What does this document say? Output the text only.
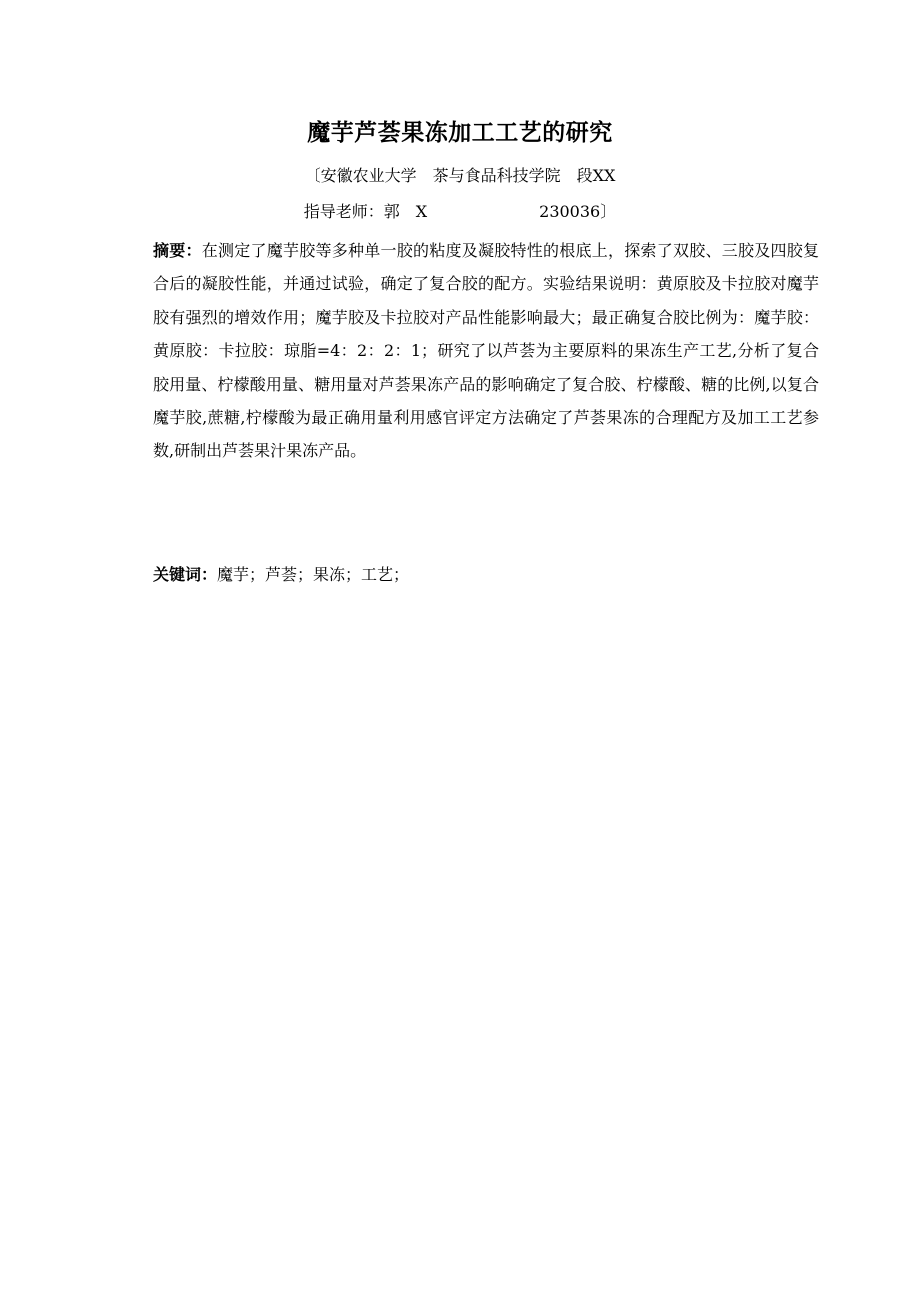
魔芋芦荟果冻加工工艺的研究
〔安徽农业大学　茶与食品科技学院　段XX
指导老师：郭　X　　　　　　　230036〕
摘要：在测定了魔芋胶等多种单一胶的粘度及凝胶特性的根底上，探索了双胶、三胶及四胶复合后的凝胶性能，并通过试验，确定了复合胶的配方。实验结果说明：黄原胶及卡拉胶对魔芋胶有强烈的增效作用；魔芋胶及卡拉胶对产品性能影响最大；最正确复合胶比例为：魔芋胶：黄原胶：卡拉胶：琼脂=4：2：2：1；研究了以芦荟为主要原料的果冻生产工艺,分析了复合胶用量、柠檬酸用量、糖用量对芦荟果冻产品的影响确定了复合胶、柠檬酸、糖的比例,以复合魔芋胶,蔗糖,柠檬酸为最正确用量利用感官评定方法确定了芦荟果冻的合理配方及加工工艺参数,研制出芦荟果汁果冻产品。
关键词：魔芋；芦荟；果冻；工艺；
